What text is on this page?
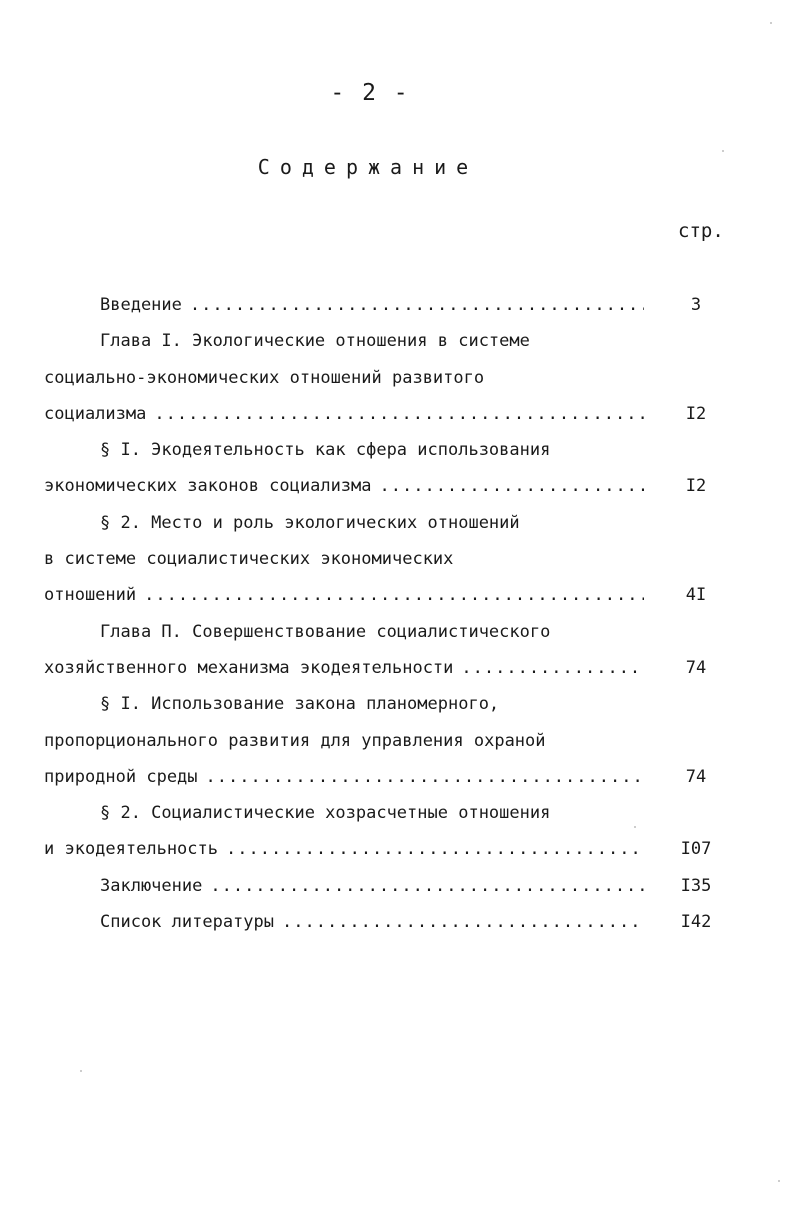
- 2 -
Содержание
стр.
Введение .....	3
Глава I. Экологические отношения в системе
социально-экономических отношений развитого
социализма .....	I2
§ I. Экодеятельность как сфера использования
экономических законов социализма .....	I2
§ 2. Место и роль экологических отношений
в системе социалистических экономических
отношений .....	4I
Глава П. Совершенствование социалистического
хозяйственного механизма экодеятельности .....	74
§ I. Использование закона планомерного,
пропорционального развития для управления охраной
природной среды .....	74
§ 2. Социалистические хозрасчетные отношения
и экодеятельность .....	I07
Заключение .....	I35
Список литературы .....	I42
